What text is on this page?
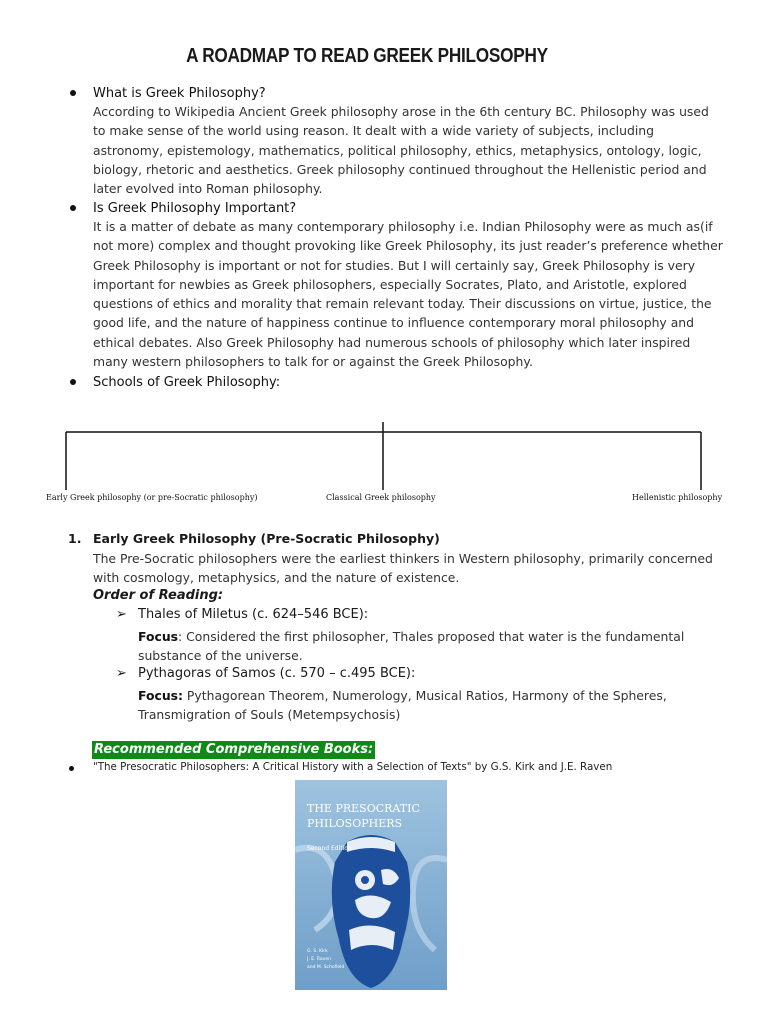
A ROADMAP TO READ GREEK PHILOSOPHY
What is Greek Philosophy?
According to Wikipedia Ancient Greek philosophy arose in the 6th century BC. Philosophy was used to make sense of the world using reason. It dealt with a wide variety of subjects, including astronomy, epistemology, mathematics, political philosophy, ethics, metaphysics, ontology, logic, biology, rhetoric and aesthetics. Greek philosophy continued throughout the Hellenistic period and later evolved into Roman philosophy.
Is Greek Philosophy Important?
It is a matter of debate as many contemporary philosophy i.e. Indian Philosophy were as much as(if not more) complex and thought provoking like Greek Philosophy, its just reader’s preference whether Greek Philosophy is important or not for studies. But I will certainly say, Greek Philosophy is very important for newbies as Greek philosophers, especially Socrates, Plato, and Aristotle, explored questions of ethics and morality that remain relevant today. Their discussions on virtue, justice, the good life, and the nature of happiness continue to influence contemporary moral philosophy and ethical debates. Also Greek Philosophy had numerous schools of philosophy which later inspired many western philosophers to talk for or against the Greek Philosophy.
Schools of Greek Philosophy:
Early Greek philosophy (or pre-Socratic philosophy)	Classical Greek philosophy	Hellenistic philosophy
1. Early Greek Philosophy (Pre-Socratic Philosophy)
The Pre-Socratic philosophers were the earliest thinkers in Western philosophy, primarily concerned with cosmology, metaphysics, and the nature of existence.
Order of Reading:
➢ Thales of Miletus (c. 624–546 BCE):
Focus: Considered the first philosopher, Thales proposed that water is the fundamental substance of the universe.
➢ Pythagoras of Samos (c. 570 – c.495 BCE):
Focus: Pythagorean Theorem, Numerology, Musical Ratios, Harmony of the Spheres, Transmigration of Souls (Metempsychosis)
Recommended Comprehensive Books:
"The Presocratic Philosophers: A Critical History with a Selection of Texts" by G.S. Kirk and J.E. Raven
THE PRESOCRATIC
PHILOSOPHERS
Second Edition
G. S. Kirk
J. E. Raven
and M. Schofield
